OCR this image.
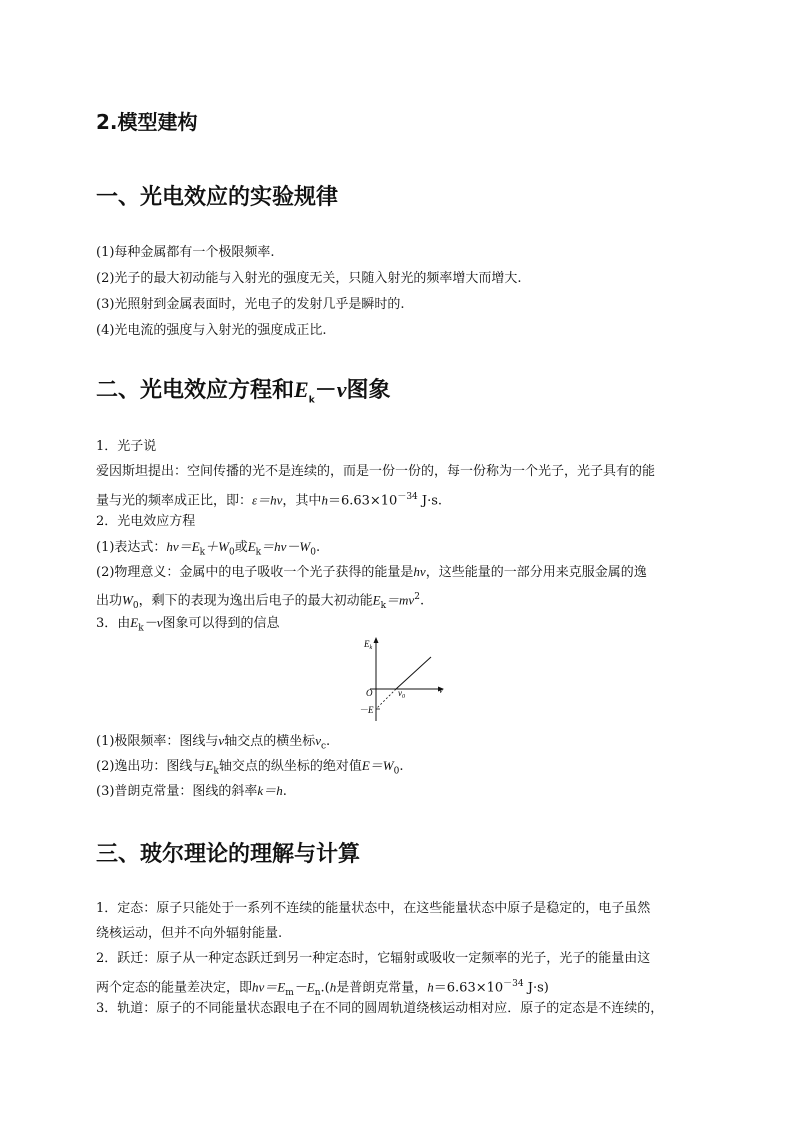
2.模型建构
一、光电效应的实验规律
(1)每种金属都有一个极限频率.
(2)光子的最大初动能与入射光的强度无关，只随入射光的频率增大而增大.
(3)光照射到金属表面时，光电子的发射几乎是瞬时的.
(4)光电流的强度与入射光的强度成正比.
二、光电效应方程和$E_k-\nu$图象
1．光子说
爱因斯坦提出：空间传播的光不是连续的，而是一份一份的，每一份称为一个光子，光子具有的能
量与光的频率成正比，即：ε＝hν，其中$h=6.63\times 10^{-34}$ J·s.
2．光电效应方程
(1)表达式：$h\nu=E_k+W_0$或$E_k=h\nu-W_0$.
(2)物理意义：金属中的电子吸收一个光子获得的能量是hν，这些能量的一部分用来克服金属的逸
出功$W_0$，剩下的表现为逸出后电子的最大初动能$E_k=mv^2$.
3．由$E_k-\nu$图象可以得到的信息
$E_k$
ν
O	$\nu_0$
－E
(1)极限频率：图线与ν轴交点的横坐标$\nu_c$.
(2)逸出功：图线与$E_k$轴交点的纵坐标的绝对值$E=W_0$.
(3)普朗克常量：图线的斜率k＝h.
三、玻尔理论的理解与计算
1．定态：原子只能处于一系列不连续的能量状态中，在这些能量状态中原子是稳定的，电子虽然
绕核运动，但并不向外辐射能量.
2．跃迁：原子从一种定态跃迁到另一种定态时，它辐射或吸收一定频率的光子，光子的能量由这
两个定态的能量差决定，即$h\nu=E_m-E_n.(h$是普朗克常量，$h=6.63\times 10^{-34}$ J·s)
3．轨道：原子的不同能量状态跟电子在不同的圆周轨道绕核运动相对应．原子的定态是不连续的，
